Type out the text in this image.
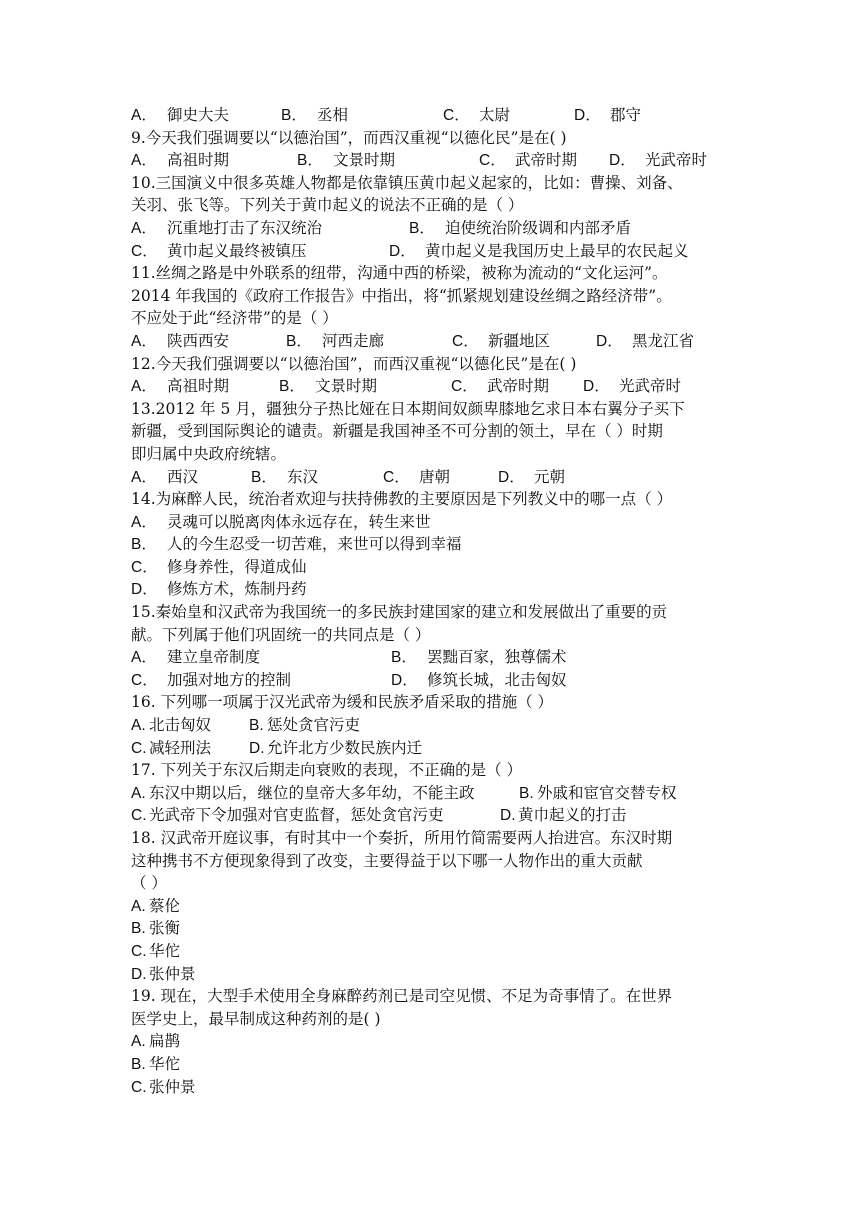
A． 御史大夫	B． 丞相	C． 太尉	D． 郡守
9.今天我们强调要以“以德治国”，而西汉重视“以德化民”是在( )
A． 高祖时期	B． 文景时期	C． 武帝时期 D． 光武帝时
10.三国演义中很多英雄人物都是依靠镇压黄巾起义起家的，比如：曹操、刘备、
关羽、张飞等。下列关于黄巾起义的说法不正确的是（ ）
A． 沉重地打击了东汉统治	B． 迫使统治阶级调和内部矛盾
C． 黄巾起义最终被镇压	D． 黄巾起义是我国历史上最早的农民起义
11.丝绸之路是中外联系的纽带，沟通中西的桥梁，被称为流动的“文化运河”。
2014 年我国的《政府工作报告》中指出，将“抓紧规划建设丝绸之路经济带”。
不应处于此“经济带”的是（ ）
A． 陕西西安	B． 河西走廊	C． 新疆地区	D． 黑龙江省
12.今天我们强调要以“以德治国”，而西汉重视“以德化民”是在( )
A． 高祖时期	B． 文景时期	C． 武帝时期 D． 光武帝时
13.2012 年 5 月，疆独分子热比娅在日本期间奴颜卑膝地乞求日本右翼分子买下
新疆，受到国际舆论的谴责。新疆是我国神圣不可分割的领土，早在（ ）时期
即归属中央政府统辖。
A． 西汉	B． 东汉	C． 唐朝	D． 元朝
14.为麻醉人民，统治者欢迎与扶持佛教的主要原因是下列教义中的哪一点（ ）
A． 灵魂可以脱离肉体永远存在，转生来世
B． 人的今生忍受一切苦难，来世可以得到幸福
C． 修身养性，得道成仙
D． 修炼方术，炼制丹药
15.秦始皇和汉武帝为我国统一的多民族封建国家的建立和发展做出了重要的贡
献。下列属于他们巩固统一的共同点是（ ）
A． 建立皇帝制度	B． 罢黜百家，独尊儒术
C． 加强对地方的控制	D． 修筑长城，北击匈奴
16. 下列哪一项属于汉光武帝为缓和民族矛盾采取的措施（ ）
A. 北击匈奴 B. 惩处贪官污吏
C. 减轻刑法 D. 允许北方少数民族内迁
17. 下列关于东汉后期走向衰败的表现，不正确的是（ ）
A. 东汉中期以后，继位的皇帝大多年幼，不能主政	B. 外戚和宦官交替专权
C. 光武帝下令加强对官吏监督，惩处贪官污吏	D. 黄巾起义的打击
18. 汉武帝开庭议事，有时其中一个奏折，所用竹简需要两人抬进宫。东汉时期
这种携书不方便现象得到了改变，主要得益于以下哪一人物作出的重大贡献
（ ）
A. 蔡伦
B. 张衡
C. 华佗
D. 张仲景
19. 现在，大型手术使用全身麻醉药剂已是司空见惯、不足为奇事情了。在世界
医学史上，最早制成这种药剂的是( )
A. 扁鹊
B. 华佗
C. 张仲景
